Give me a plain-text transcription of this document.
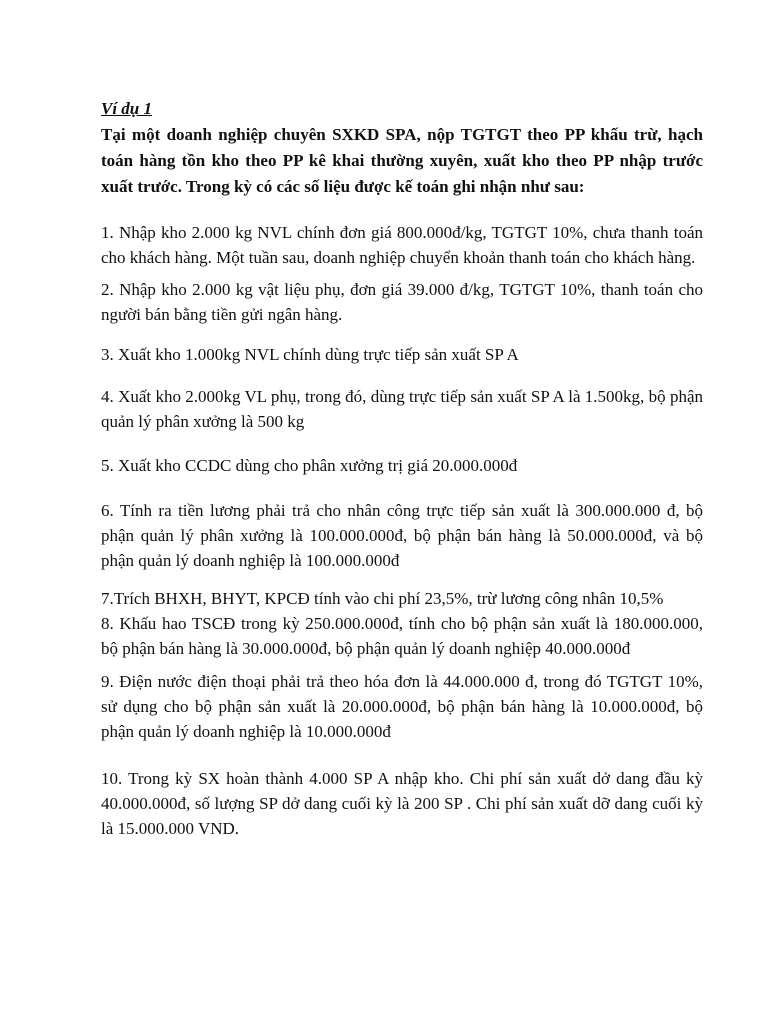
Ví dụ 1

Tại một doanh nghiệp chuyên SXKD SPA, nộp TGTGT theo PP khấu trừ, hạch toán hàng tồn kho theo PP kê khai thường xuyên, xuất kho theo PP nhập trước xuất trước. Trong kỳ có các số liệu được kế toán ghi nhận như sau:

1. Nhập kho 2.000 kg NVL chính đơn giá 800.000đ/kg, TGTGT 10%, chưa thanh toán cho khách hàng. Một tuần sau, doanh nghiệp chuyển khoản thanh toán cho khách hàng.

2. Nhập kho 2.000 kg vật liệu phụ, đơn giá 39.000 đ/kg, TGTGT 10%, thanh toán cho người bán bằng tiền gửi ngân hàng.

3. Xuất kho 1.000kg NVL chính dùng trực tiếp sản xuất SP A

4. Xuất kho 2.000kg VL phụ, trong đó, dùng trực tiếp sản xuất SP A là 1.500kg, bộ phận quản lý phân xưởng là 500 kg

5. Xuất kho CCDC dùng cho phân xưởng trị giá 20.000.000đ

6. Tính ra tiền lương phải trả cho nhân công trực tiếp sản xuất là 300.000.000 đ, bộ phận quản lý phân xưởng là 100.000.000đ, bộ phận bán hàng là 50.000.000đ, và bộ phận quản lý doanh nghiệp là 100.000.000đ

7.Trích BHXH, BHYT, KPCĐ tính vào chi phí 23,5%, trừ lương công nhân 10,5%

8. Khấu hao TSCĐ trong kỳ 250.000.000đ, tính cho bộ phận sản xuất là 180.000.000, bộ phận bán hàng là 30.000.000đ, bộ phận quản lý doanh nghiệp 40.000.000đ

9. Điện nước điện thoại phải trả theo hóa đơn là 44.000.000 đ, trong đó TGTGT 10%, sử dụng cho bộ phận sản xuất là 20.000.000đ, bộ phận bán hàng là 10.000.000đ, bộ phận quản lý doanh nghiệp là 10.000.000đ

10. Trong kỳ SX hoàn thành 4.000 SP A nhập kho. Chi phí sản xuất dở dang đầu kỳ 40.000.000đ, số lượng SP dở dang cuối kỳ là 200 SP . Chi phí sản xuất dỡ dang cuối kỳ là 15.000.000 VND.
